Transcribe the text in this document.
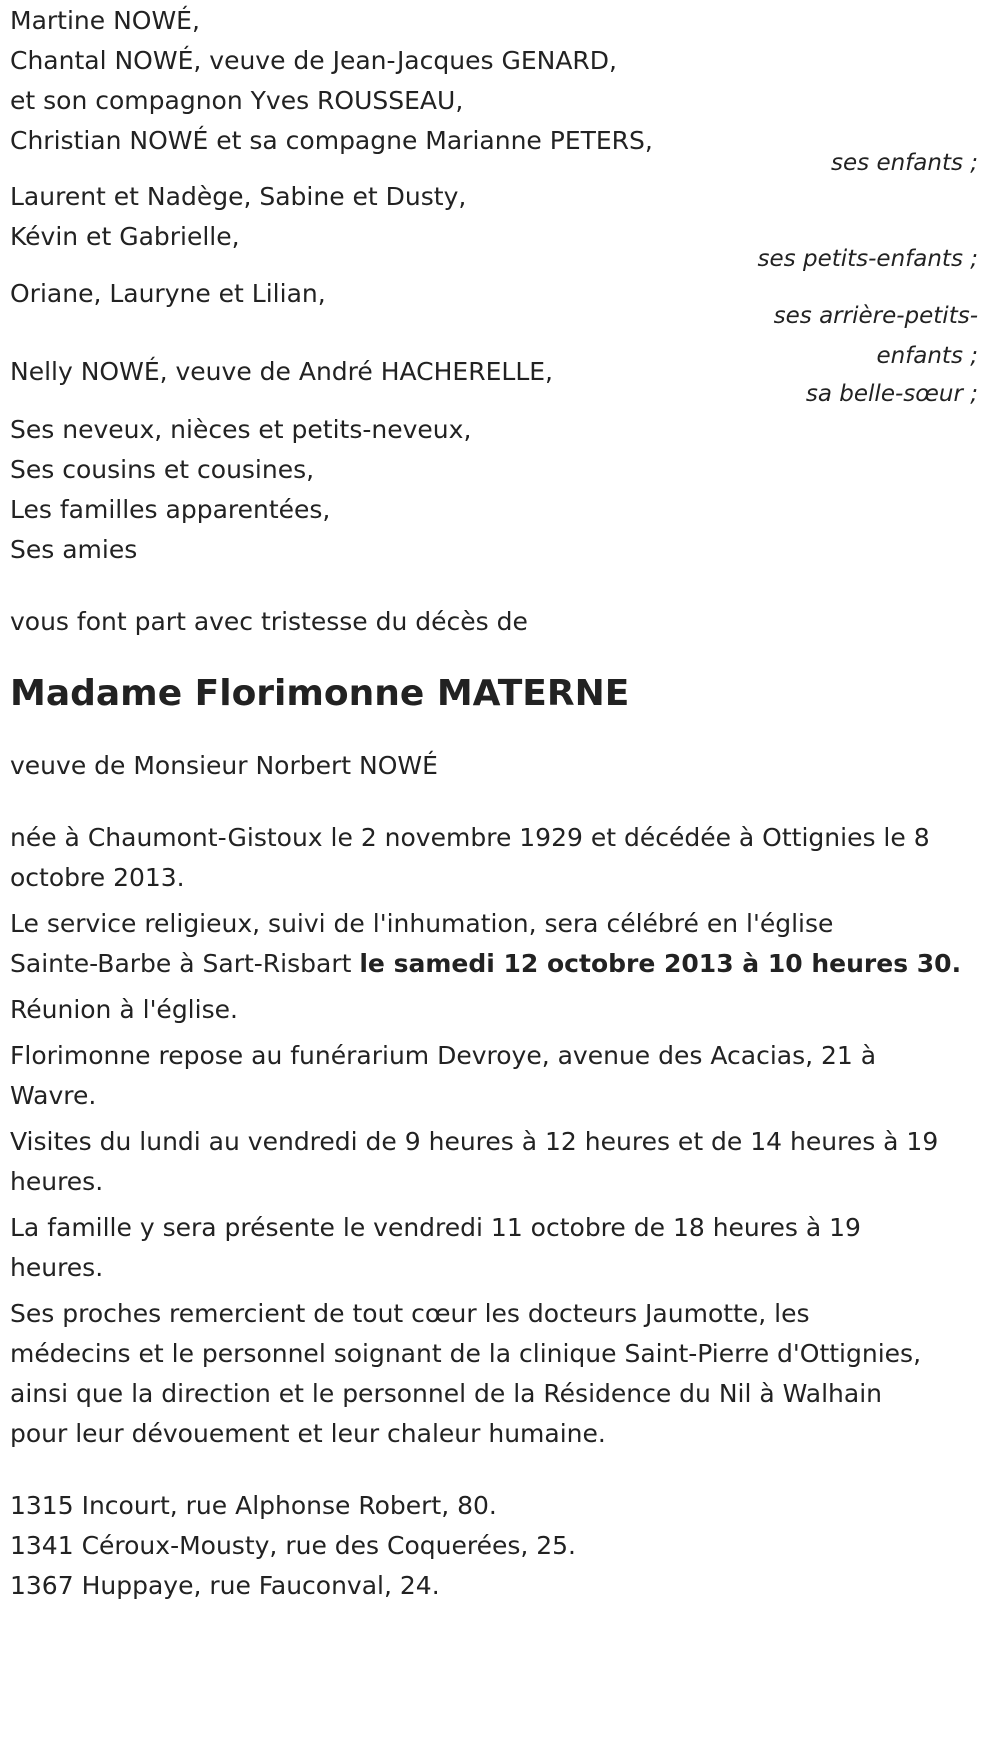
Martine NOWÉ,
Chantal NOWÉ, veuve de Jean-Jacques GENARD,
et son compagnon Yves ROUSSEAU,
Christian NOWÉ et sa compagne Marianne PETERS,
ses enfants ;
Laurent et Nadège, Sabine et Dusty,
Kévin et Gabrielle,
ses petits-enfants ;
Oriane, Lauryne et Lilian,
ses arrière-petits-
enfants ;
Nelly NOWÉ, veuve de André HACHERELLE,
sa belle-sœur ;
Ses neveux, nièces et petits-neveux,
Ses cousins et cousines,
Les familles apparentées,
Ses amies

vous font part avec tristesse du décès de

Madame Florimonne MATERNE

veuve de Monsieur Norbert NOWÉ

née à Chaumont-Gistoux le 2 novembre 1929 et décédée à Ottignies le 8
octobre 2013.

Le service religieux, suivi de l'inhumation, sera célébré en l'église
Sainte-Barbe à Sart-Risbart le samedi 12 octobre 2013 à 10 heures 30.

Réunion à l'église.

Florimonne repose au funérarium Devroye, avenue des Acacias, 21 à
Wavre.

Visites du lundi au vendredi de 9 heures à 12 heures et de 14 heures à 19
heures.

La famille y sera présente le vendredi 11 octobre de 18 heures à 19
heures.

Ses proches remercient de tout cœur les docteurs Jaumotte, les
médecins et le personnel soignant de la clinique Saint-Pierre d'Ottignies,
ainsi que la direction et le personnel de la Résidence du Nil à Walhain
pour leur dévouement et leur chaleur humaine.

1315 Incourt, rue Alphonse Robert, 80.
1341 Céroux-Mousty, rue des Coquerées, 25.
1367 Huppaye, rue Fauconval, 24.
